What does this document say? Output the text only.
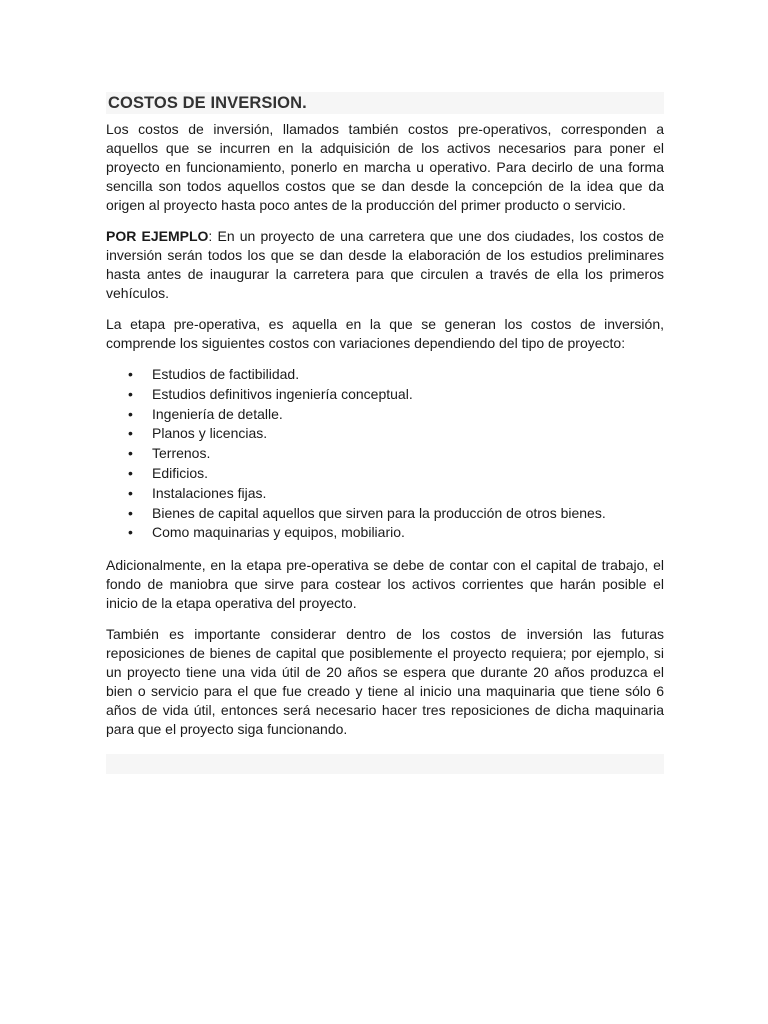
COSTOS DE INVERSION.

Los costos de inversión, llamados también costos pre-operativos, corresponden a aquellos que se incurren en la adquisición de los activos necesarios para poner el proyecto en funcionamiento, ponerlo en marcha u operativo. Para decirlo de una forma sencilla son todos aquellos costos que se dan desde la concepción de la idea que da origen al proyecto hasta poco antes de la producción del primer producto o servicio.

POR EJEMPLO: En un proyecto de una carretera que une dos ciudades, los costos de inversión serán todos los que se dan desde la elaboración de los estudios preliminares hasta antes de inaugurar la carretera para que circulen a través de ella los primeros vehículos.

La etapa pre-operativa, es aquella en la que se generan los costos de inversión, comprende los siguientes costos con variaciones dependiendo del tipo de proyecto:

• Estudios de factibilidad.
• Estudios definitivos ingeniería conceptual.
• Ingeniería de detalle.
• Planos y licencias.
• Terrenos.
• Edificios.
• Instalaciones fijas.
• Bienes de capital aquellos que sirven para la producción de otros bienes.
• Como maquinarias y equipos, mobiliario.

Adicionalmente, en la etapa pre-operativa se debe de contar con el capital de trabajo, el fondo de maniobra que sirve para costear los activos corrientes que harán posible el inicio de la etapa operativa del proyecto.

También es importante considerar dentro de los costos de inversión las futuras reposiciones de bienes de capital que posiblemente el proyecto requiera; por ejemplo, si un proyecto tiene una vida útil de 20 años se espera que durante 20 años produzca el bien o servicio para el que fue creado y tiene al inicio una maquinaria que tiene sólo 6 años de vida útil, entonces será necesario hacer tres reposiciones de dicha maquinaria para que el proyecto siga funcionando.
